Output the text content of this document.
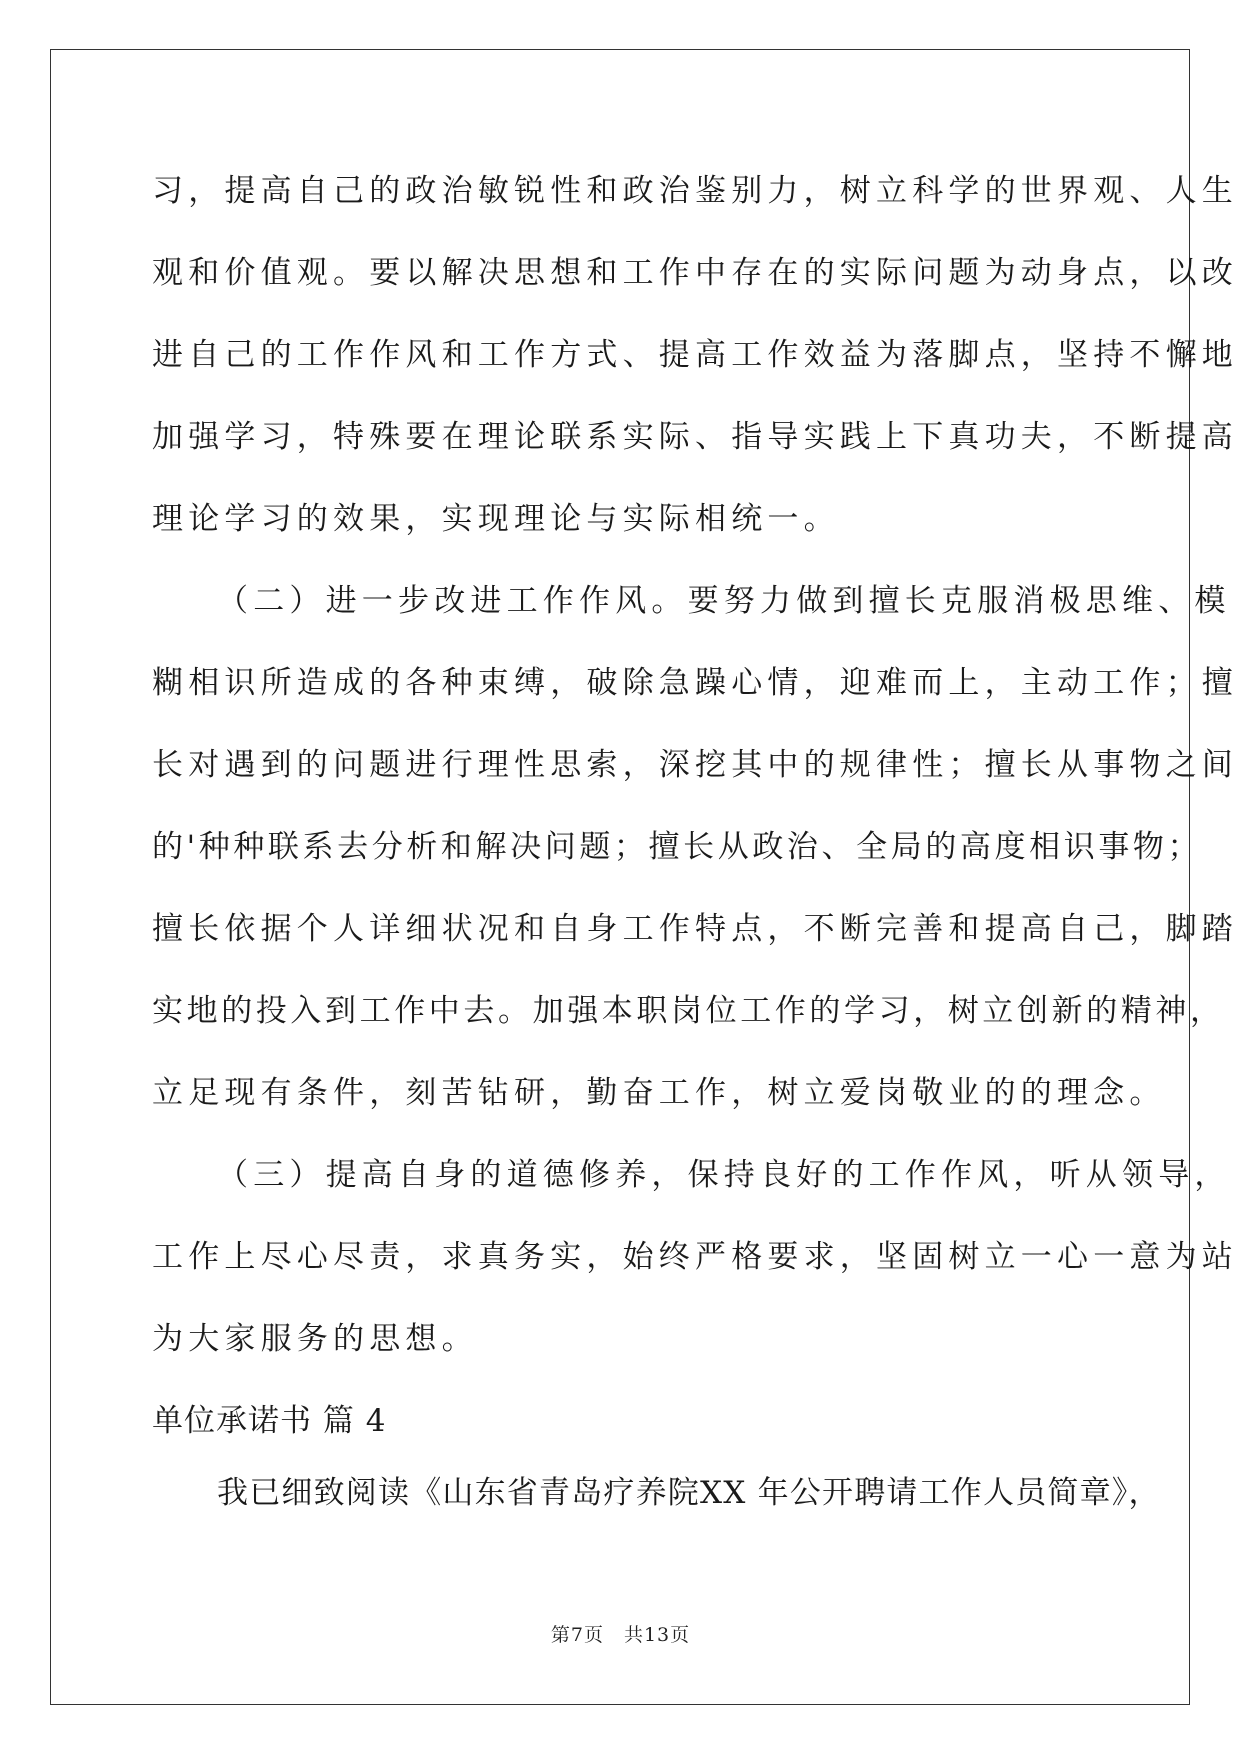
习，提高自己的政治敏锐性和政治鉴别力，树立科学的世界观、人生
观和价值观。要以解决思想和工作中存在的实际问题为动身点，以改
进自己的工作作风和工作方式、提高工作效益为落脚点，坚持不懈地
加强学习，特殊要在理论联系实际、指导实践上下真功夫，不断提高
理论学习的效果，实现理论与实际相统一。
（二）进一步改进工作作风。要努力做到擅长克服消极思维、模
糊相识所造成的各种束缚，破除急躁心情，迎难而上，主动工作；擅
长对遇到的问题进行理性思索，深挖其中的规律性；擅长从事物之间
的'种种联系去分析和解决问题；擅长从政治、全局的高度相识事物；
擅长依据个人详细状况和自身工作特点，不断完善和提高自己，脚踏
实地的投入到工作中去。加强本职岗位工作的学习，树立创新的精神，
立足现有条件，刻苦钻研，勤奋工作，树立爱岗敬业的的理念。
（三）提高自身的道德修养，保持良好的工作作风，听从领导，
工作上尽心尽责，求真务实，始终严格要求，坚固树立一心一意为站
为大家服务的思想。
单位承诺书 篇 4
我已细致阅读《山东省青岛疗养院XX 年公开聘请工作人员简章》，
第7页　共13页
